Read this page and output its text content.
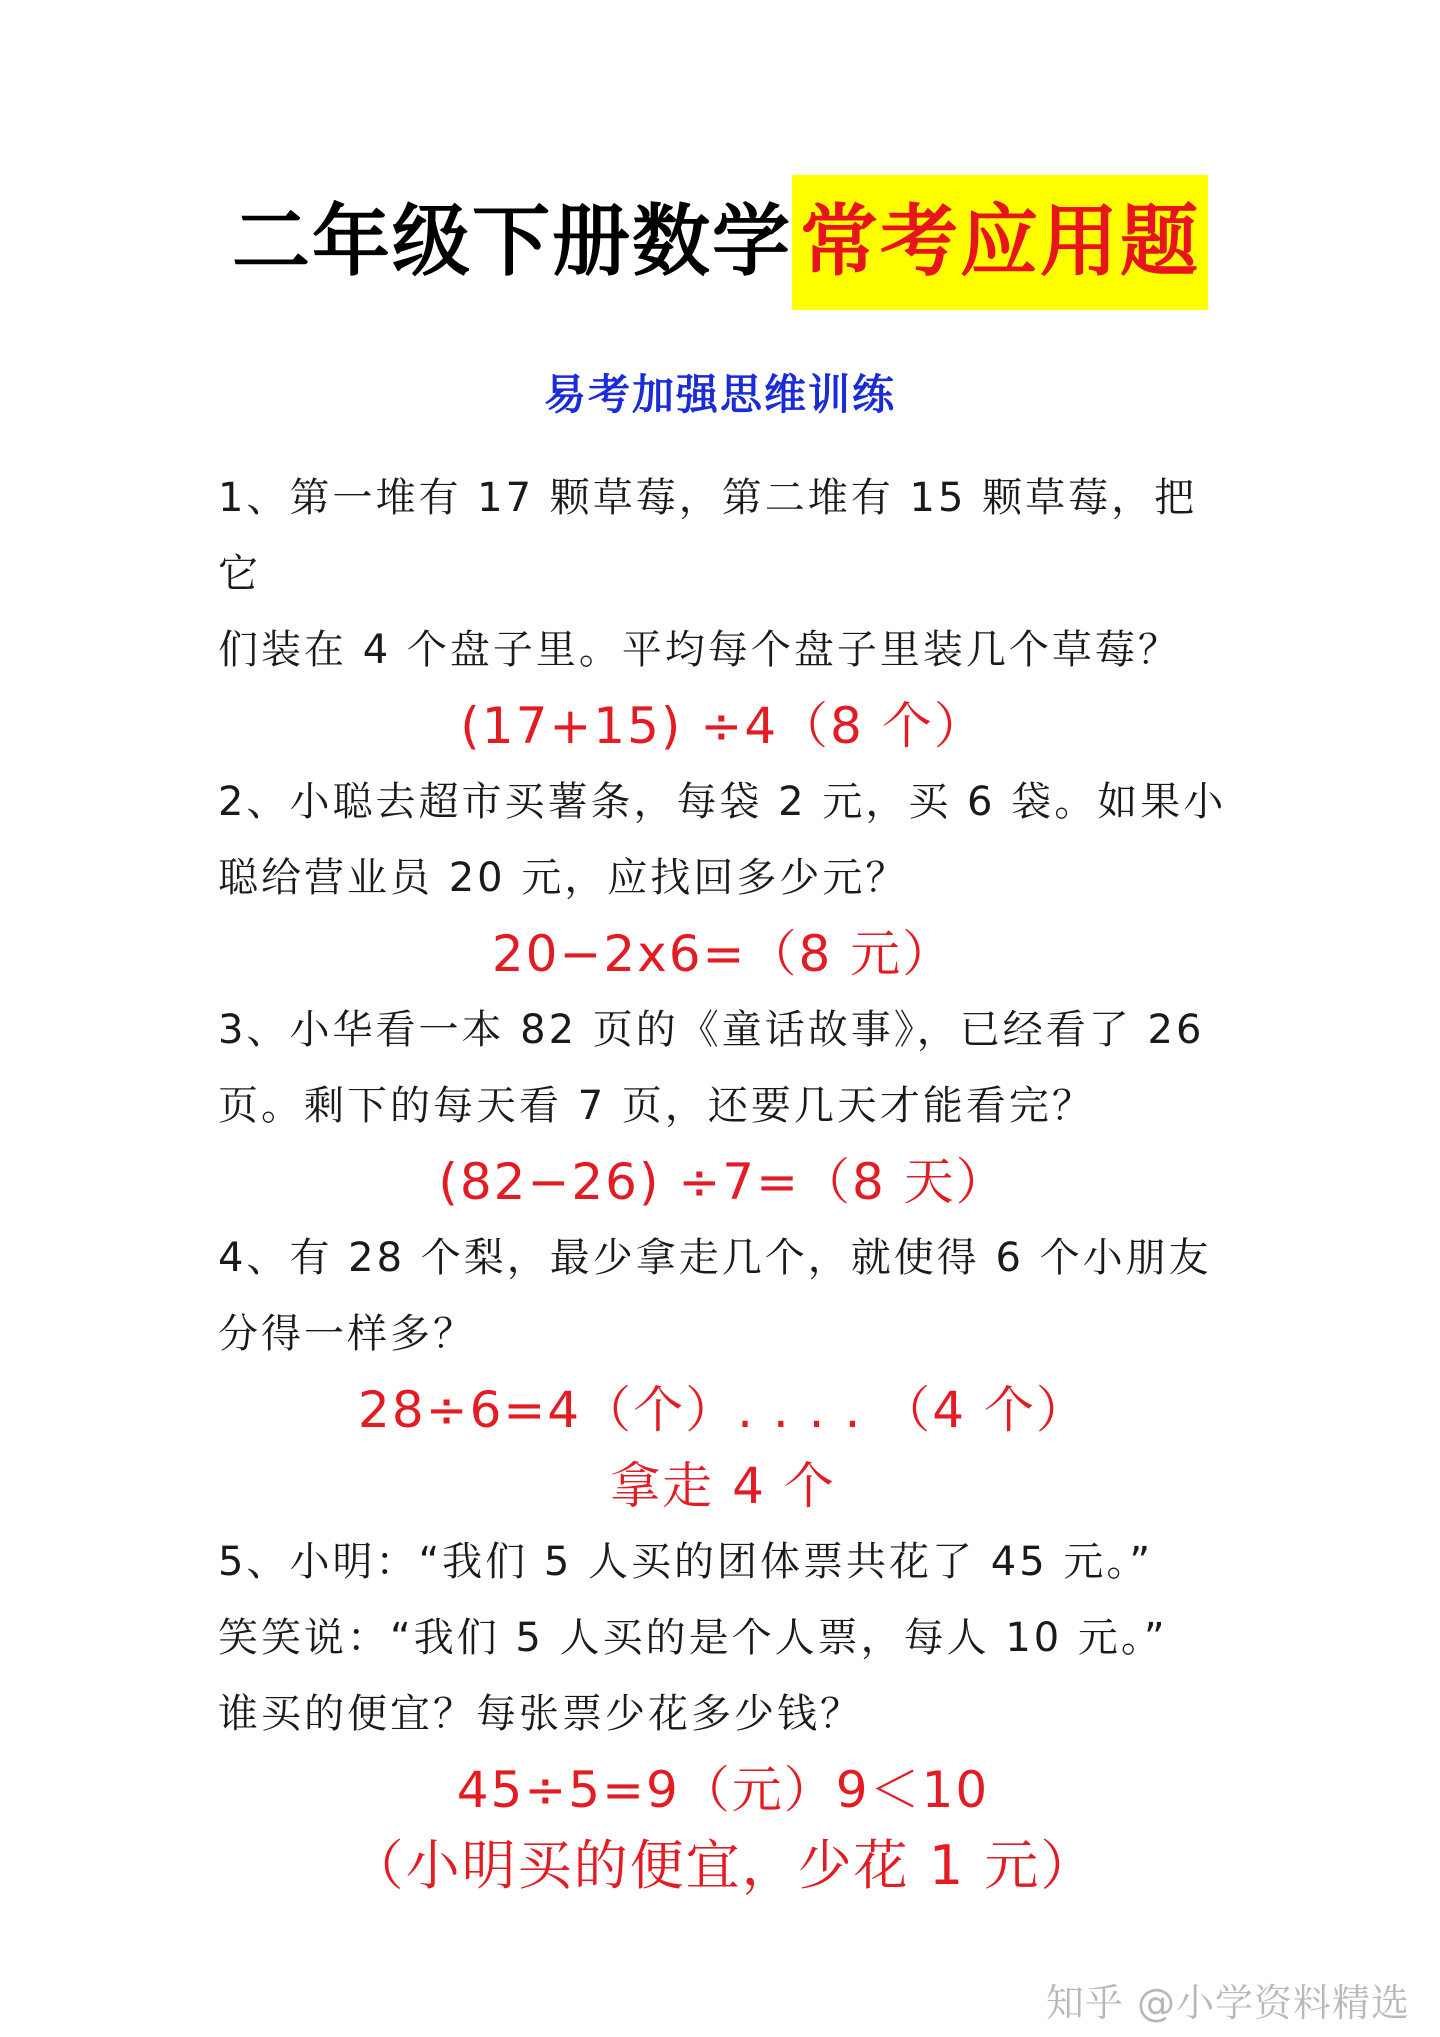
二年级下册数学 常考应用题
易考加强思维训练

1、第一堆有 17 颗草莓，第二堆有 15 颗草莓，把它

们装在 4 个盘子里。平均每个盘子里装几个草莓？

(17+15) ÷4（8 个）

2、小聪去超市买薯条，每袋 2 元，买 6 袋。如果小

聪给营业员 20 元，应找回多少元？

20−2x6=（8 元）

3、小华看一本 82 页的《童话故事》，已经看了 26

页。剩下的每天看 7 页，还要几天才能看完？

(82−26) ÷7=（8 天）

4、有 28 个梨，最少拿走几个，就使得 6 个小朋友

分得一样多？

28÷6=4（个）. . . . （4 个）

拿走 4 个

5、小明：“我们 5 人买的团体票共花了 45 元。”

笑笑说：“我们 5 人买的是个人票，每人 10 元。”

谁买的便宜？每张票少花多少钱？

45÷5=9（元）9＜10

（小明买的便宜，少花 1 元）

知乎 @小学资料精选
